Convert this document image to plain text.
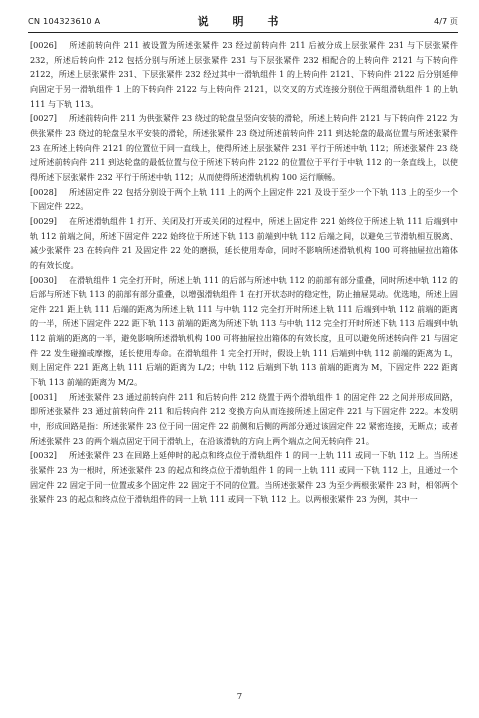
CN 104323610 A	说 明 书	4/7 页

[0026] 所述前转向件 211 被设置为所述张紧件 23 经过前转向件 211 后被分成上层张紧件 231 与下层张紧件 232，所述后转向件 212 包括分别与所述上层张紧件 231 与下层张紧件 232 相配合的上转向件 2121 与下转向件 2122，所述上层张紧件 231、下层张紧件 232 经过其中一滑轨组件 1 的上转向件 2121、下转向件 2122 后分别延伸向固定于另一滑轨组件 1 上的下转向件 2122 与上转向件 2121，以交叉的方式连接分别位于两组滑轨组件 1 的上轨 111 与下轨 113。

[0027] 所述前转向件 211 为供张紧件 23 绕过的轮盘呈竖向安装的滑轮，所述上转向件 2121 与下转向件 2122 为供张紧件 23 绕过的轮盘呈水平安装的滑轮，所述张紧件 23 绕过所述前转向件 211 到达轮盘的最高位置与所述张紧件 23 在所述上转向件 2121 的位置位于同一直线上，使得所述上层张紧件 231 平行于所述中轨 112；所述张紧件 23 绕过所述前转向件 211 到达轮盘的最低位置与位于所述下转向件 2122 的位置位于平行于中轨 112 的一条直线上，以使得所述下层张紧件 232 平行于所述中轨 112；从而使得所述滑轨机构 100 运行顺畅。

[0028] 所述固定件 22 包括分别设于两个上轨 111 上的两个上固定件 221 及设于至少一个下轨 113 上的至少一个下固定件 222。

[0029] 在所述滑轨组件 1 打开、关闭及打开或关闭的过程中，所述上固定件 221 始终位于所述上轨 111 后端到中轨 112 前端之间，所述下固定件 222 始终位于所述下轨 113 前端到中轨 112 后端之间，以避免三节滑轨相互脱离、减少张紧件 23 在转向件 21 及固定件 22 处的磨损，延长使用寿命，同时不影响所述滑轨机构 100 可将抽屉拉出箱体的有效长度。

[0030] 在滑轨组件 1 完全打开时，所述上轨 111 的后部与所述中轨 112 的前部有部分重叠，同时所述中轨 112 的后部与所述下轨 113 的前部有部分重叠，以增强滑轨组件 1 在打开状态时的稳定性，防止抽屉晃动。优选地，所述上固定件 221 距上轨 111 后端的距离为所述上轨 111 与中轨 112 完全打开时所述上轨 111 后端到中轨 112 前端的距离的一半，所述下固定件 222 距下轨 113 前端的距离为所述下轨 113 与中轨 112 完全打开时所述下轨 113 后端到中轨 112 前端的距离的一半，避免影响所述滑轨机构 100 可将抽屉拉出箱体的有效长度，且可以避免所述转向件 21 与固定件 22 发生碰撞或摩擦，延长使用寿命。在滑轨组件 1 完全打开时，假设上轨 111 后端到中轨 112 前端的距离为 L，则上固定件 221 距离上轨 111 后端的距离为 L/2；中轨 112 后端到下轨 113 前端的距离为 M，下固定件 222 距离下轨 113 前端的距离为 M/2。

[0031] 所述张紧件 23 通过前转向件 211 和后转向件 212 绕置于两个滑轨组件 1 的固定件 22 之间并形成回路，即所述张紧件 23 通过前转向件 211 和后转向件 212 变换方向从而连接所述上固定件 221 与下固定件 222。本发明中，形成回路是指：所述张紧件 23 位于同一固定件 22 前侧和后侧的两部分通过该固定件 22 紧密连接，无断点；或者所述张紧件 23 的两个端点固定于同于滑轨上，在沿该滑轨的方向上两个端点之间无转向件 21。

[0032] 所述张紧件 23 在回路上延伸时的起点和终点位于滑轨组件 1 的同一上轨 111 或同一下轨 112 上。当所述张紧件 23 为一根时，所述张紧件 23 的起点和终点位于滑轨组件 1 的同一上轨 111 或同一下轨 112 上，且通过一个固定件 22 固定于同一位置或多个固定件 22 固定于不同的位置。当所述张紧件 23 为至少两根张紧件 23 时，相邻两个张紧件 23 的起点和终点位于滑轨组件的同一上轨 111 或同一下轨 112 上。以两根张紧件 23 为例，其中一

7
